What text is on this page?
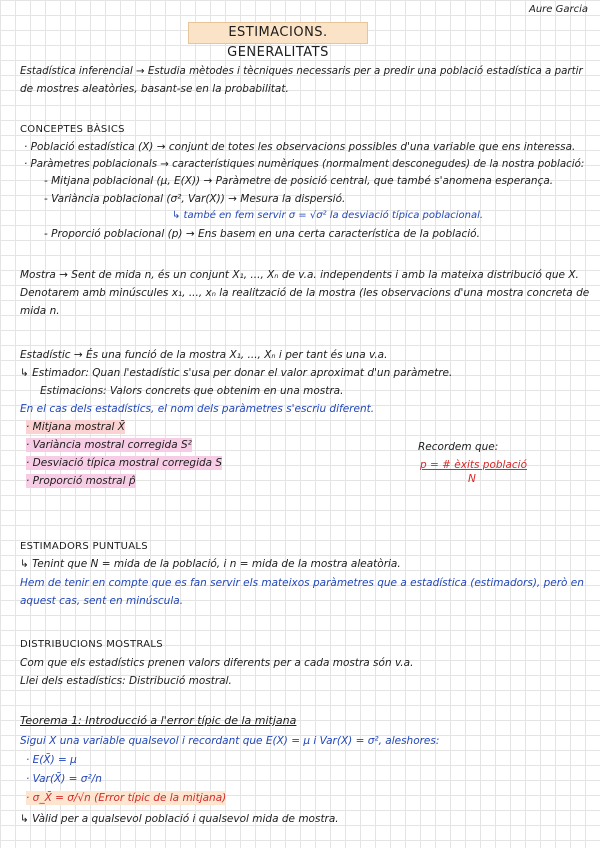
Aure Garcia
ESTIMACIONS. GENERALITATS
Estadística inferencial → Estudia mètodes i tècniques necessaris per a predir una població estadística a partir
de mostres aleatòries, basant-se en la probabilitat.
CONCEPTES BÀSICS
· Població estadística (X) → conjunt de totes les observacions possibles d'una variable que ens interessa.
· Paràmetres poblacionals → característiques numèriques (normalment desconegudes) de la nostra població:
- Mitjana poblacional (μ, E(X)) → Paràmetre de posició central, que també s'anomena esperança.
- Variància poblacional (σ², Var(X)) → Mesura la dispersió.
↳ també en fem servir σ = √σ² la desviació típica poblacional.
- Proporció poblacional (p) → Ens basem en una certa característica de la població.
Mostra → Sent de mida n, és un conjunt X₁, ..., Xₙ de v.a. independents i amb la mateixa distribució que X.
Denotarem amb minúscules x₁, ..., xₙ la realització de la mostra (les observacions d'una mostra concreta de
mida n.
Estadístic → És una funció de la mostra X₁, ..., Xₙ i per tant és una v.a.
↳ Estimador: Quan l'estadístic s'usa per donar el valor aproximat d'un paràmetre.
Estimacions: Valors concrets que obtenim en una mostra.
En el cas dels estadístics, el nom dels paràmetres s'escriu diferent.
· Mitjana mostral X̄
· Variància mostral corregida S²
· Desviació típica mostral corregida S
· Proporció mostral p̂
Recordem que:
p = # èxits població
N
ESTIMADORS PUNTUALS
↳ Tenint que N = mida de la població, i n = mida de la mostra aleatòria.
Hem de tenir en compte que es fan servir els mateixos paràmetres que a estadística (estimadors), però en
aquest cas, sent en minúscula.
DISTRIBUCIONS MOSTRALS
Com que els estadístics prenen valors diferents per a cada mostra són v.a.
Llei dels estadístics: Distribució mostral.
Teorema 1: Introducció a l'error típic de la mitjana
Sigui X una variable qualsevol i recordant que E(X) = μ i Var(X) = σ², aleshores:
· E(X̄) = μ
· Var(X̄) = σ²/n
· σ_X̄ = σ/√n (Error típic de la mitjana)
↳ Vàlid per a qualsevol població i qualsevol mida de mostra.
